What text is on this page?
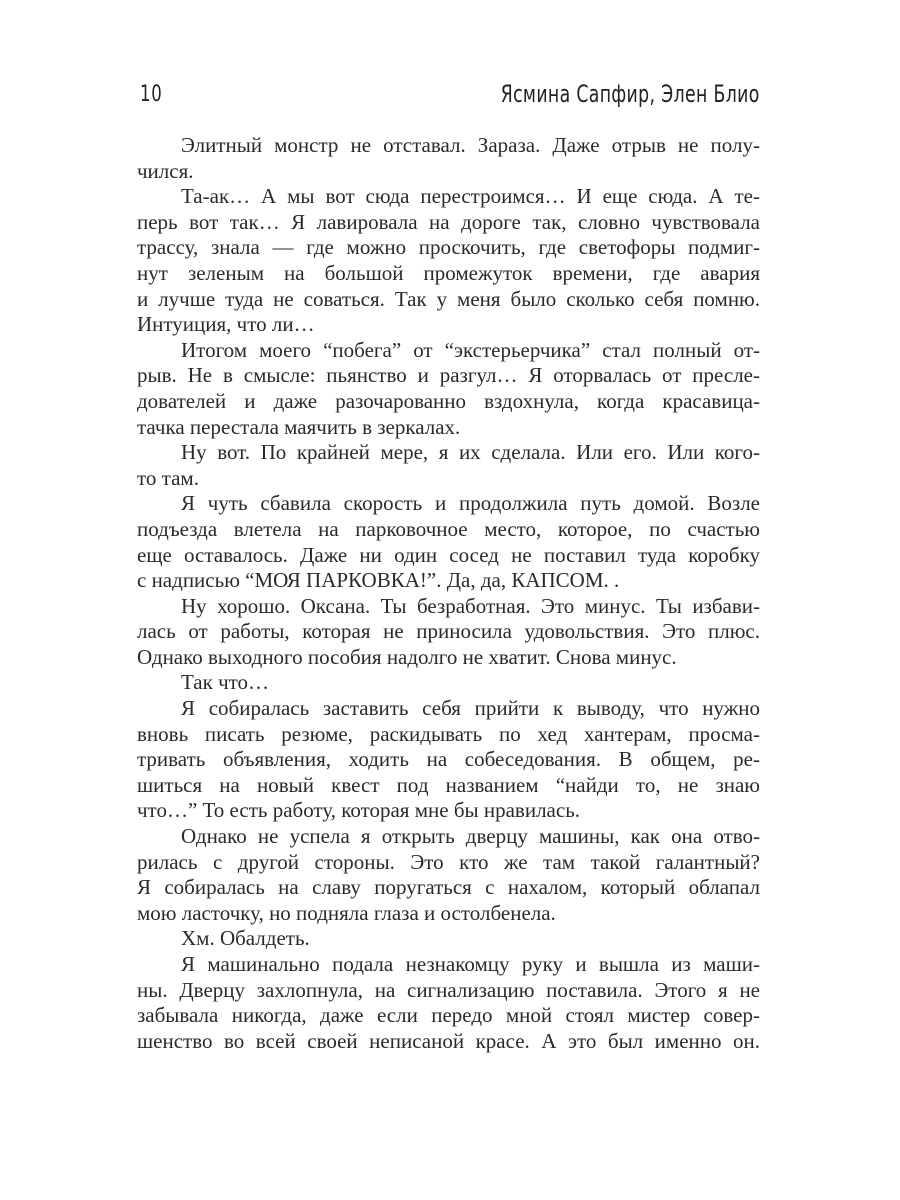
10	Ясмина Сапфир, Элен Блио
Элитный монстр не отставал. Зараза. Даже отрыв не полу-
чился.
Та-ак… А мы вот сюда перестроимся… И еще сюда. А те-
перь вот так… Я лавировала на дороге так, словно чувствовала
трассу, знала — где можно проскочить, где светофоры подмиг-
нут зеленым на большой промежуток времени, где авария
и лучше туда не соваться. Так у меня было сколько себя помню.
Интуиция, что ли…
Итогом моего “побега” от “экстерьерчика” стал полный от-
рыв. Не в смысле: пьянство и разгул… Я оторвалась от пресле-
дователей и даже разочарованно вздохнула, когда красавица-
тачка перестала маячить в зеркалах.
Ну вот. По крайней мере, я их сделала. Или его. Или кого-
то там.
Я чуть сбавила скорость и продолжила путь домой. Возле
подъезда влетела на парковочное место, которое, по счастью
еще оставалось. Даже ни один сосед не поставил туда коробку
с надписью “МОЯ ПАРКОВКА!”. Да, да, КАПСОМ. .
Ну хорошо. Оксана. Ты безработная. Это минус. Ты избави-
лась от работы, которая не приносила удовольствия. Это плюс.
Однако выходного пособия надолго не хватит. Снова минус.
Так что…
Я собиралась заставить себя прийти к выводу, что нужно
вновь писать резюме, раскидывать по хед хантерам, просма-
тривать объявления, ходить на собеседования. В общем, ре-
шиться на новый квест под названием “найди то, не знаю
что…” То есть работу, которая мне бы нравилась.
Однако не успела я открыть дверцу машины, как она отво-
рилась с другой стороны. Это кто же там такой галантный?
Я собиралась на славу поругаться с нахалом, который облапал
мою ласточку, но подняла глаза и остолбенела.
Хм. Обалдеть.
Я машинально подала незнакомцу руку и вышла из маши-
ны. Дверцу захлопнула, на сигнализацию поставила. Этого я не
забывала никогда, даже если передо мной стоял мистер совер-
шенство во всей своей неписаной красе. А это был именно он.
